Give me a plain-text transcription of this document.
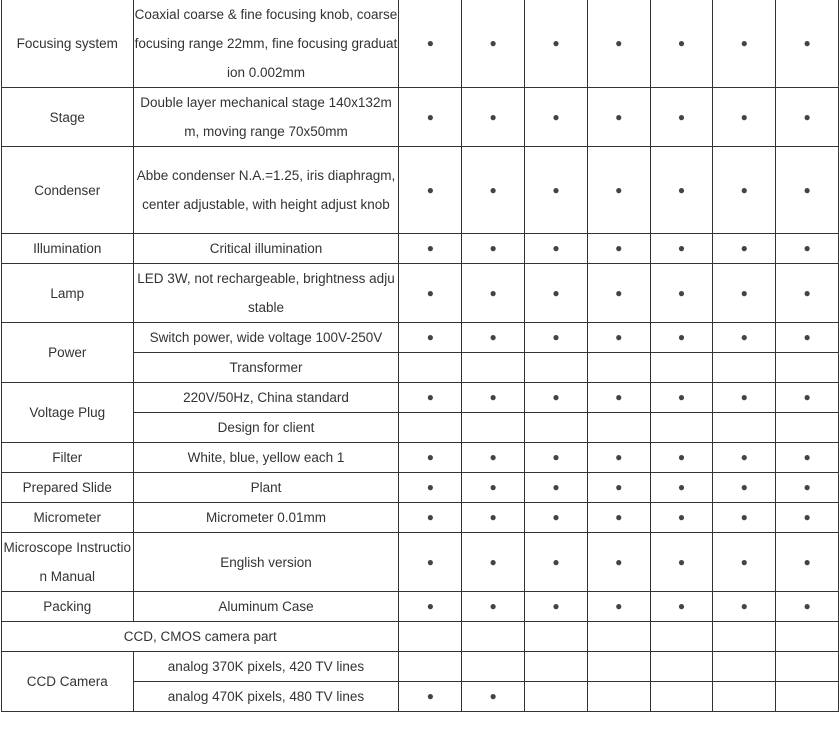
Focusing system	Coaxial coarse & fine focusing knob, coarse focusing range 22mm, fine focusing graduation 0.002mm	●	●	●	●	●	●	●
Stage	Double layer mechanical stage 140x132mm, moving range 70x50mm	●	●	●	●	●	●	●
Condenser	Abbe condenser N.A.=1.25, iris diaphragm, center adjustable, with height adjust knob	●	●	●	●	●	●	●
Illumination	Critical illumination	●	●	●	●	●	●	●
Lamp	LED 3W, not rechargeable, brightness adjustable	●	●	●	●	●	●	●
Power	Switch power, wide voltage 100V-250V	●	●	●	●	●	●	●
	Transformer							
Voltage Plug	220V/50Hz, China standard	●	●	●	●	●	●	●
	Design for client							
Filter	White, blue, yellow each 1	●	●	●	●	●	●	●
Prepared Slide	Plant	●	●	●	●	●	●	●
Micrometer	Micrometer 0.01mm	●	●	●	●	●	●	●
Microscope Instruction Manual	English version	●	●	●	●	●	●	●
Packing	Aluminum Case	●	●	●	●	●	●	●
CCD, CMOS camera part								
CCD Camera	analog 370K pixels, 420 TV lines							
	analog 470K pixels, 480 TV lines	●	●					
